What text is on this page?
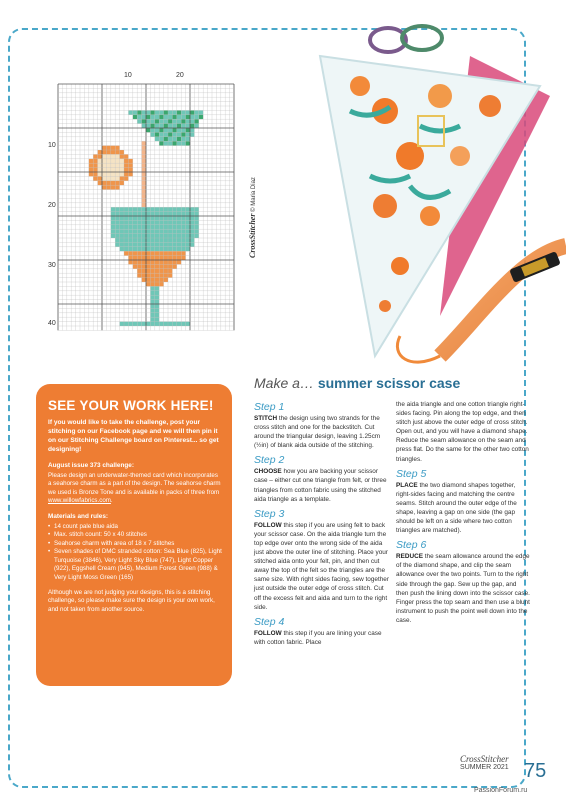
10	20
10
20
30
40
CrossStitcher © Maria Diaz
SEE YOUR WORK HERE!

If you would like to take the challenge, post your stitching on our Facebook page and we will then pin it on our Stitching Challenge board on Pinterest... so get designing!

August issue 373 challenge:

Please design an underwater-themed card which incorporates a seahorse charm as a part of the design. The seahorse charm we used is Bronze Tone and is available in packs of three from www.willowfabrics.com.

Materials and rules:
• 14 count pale blue aida
• Max. stitch count: 50 x 40 stitches
• Seahorse charm with area of 18 x 7 stitches
• Seven shades of DMC stranded cotton: Sea Blue (825), Light Turquoise (3846), Very Light Sky Blue (747), Light Copper (922), Eggshell Cream (945), Medium Forest Green (988) & Very Light Moss Green (165)

Although we are not judging your designs, this is a stitching challenge, so please make sure the design is your own work, and not taken from another source.

Make a… summer scissor case
Step 1

STITCH the design using two strands for the cross stitch and one for the backstitch. Cut around the triangular design, leaving 1.25cm (½in) of blank aida outside of the stitching.

Step 2

CHOOSE how you are backing your scissor case – either cut one triangle from felt, or three triangles from cotton fabric using the stitched aida triangle as a template.

Step 3

FOLLOW this step if you are using felt to back your scissor case. On the aida triangle turn the top edge over onto the wrong side of the aida just above the outer line of stitching. Place your stitched aida onto your felt, pin, and then cut away the top of the felt so the triangles are the same size. With right sides facing, sew together just outside the outer edge of cross stitch. Cut off the excess felt and aida and turn to the right side.

Step 4

FOLLOW this step if you are lining your case with cotton fabric. Place

the aida triangle and one cotton triangle right-sides facing. Pin along the top edge, and then stitch just above the outer edge of cross stitch. Open out, and you will have a diamond shape. Reduce the seam allowance on the seam and press flat. Do the same for the other two cotton triangles.

Step 5

PLACE the two diamond shapes together, right-sides facing and matching the centre seams. Stitch around the outer edge of the shape, leaving a gap on one side (the gap should be left on a side where two cotton triangles are matched).

Step 6

REDUCE the seam allowance around the edge of the diamond shape, and clip the seam allowance over the two points. Turn to the right side through the gap. Sew up the gap, and then push the lining down into the scissor case. Finger press the top seam and then use a blunt instrument to push the point well down into the case.

CrossStitcher
SUMMER 2021 75
PassionForum.ru
